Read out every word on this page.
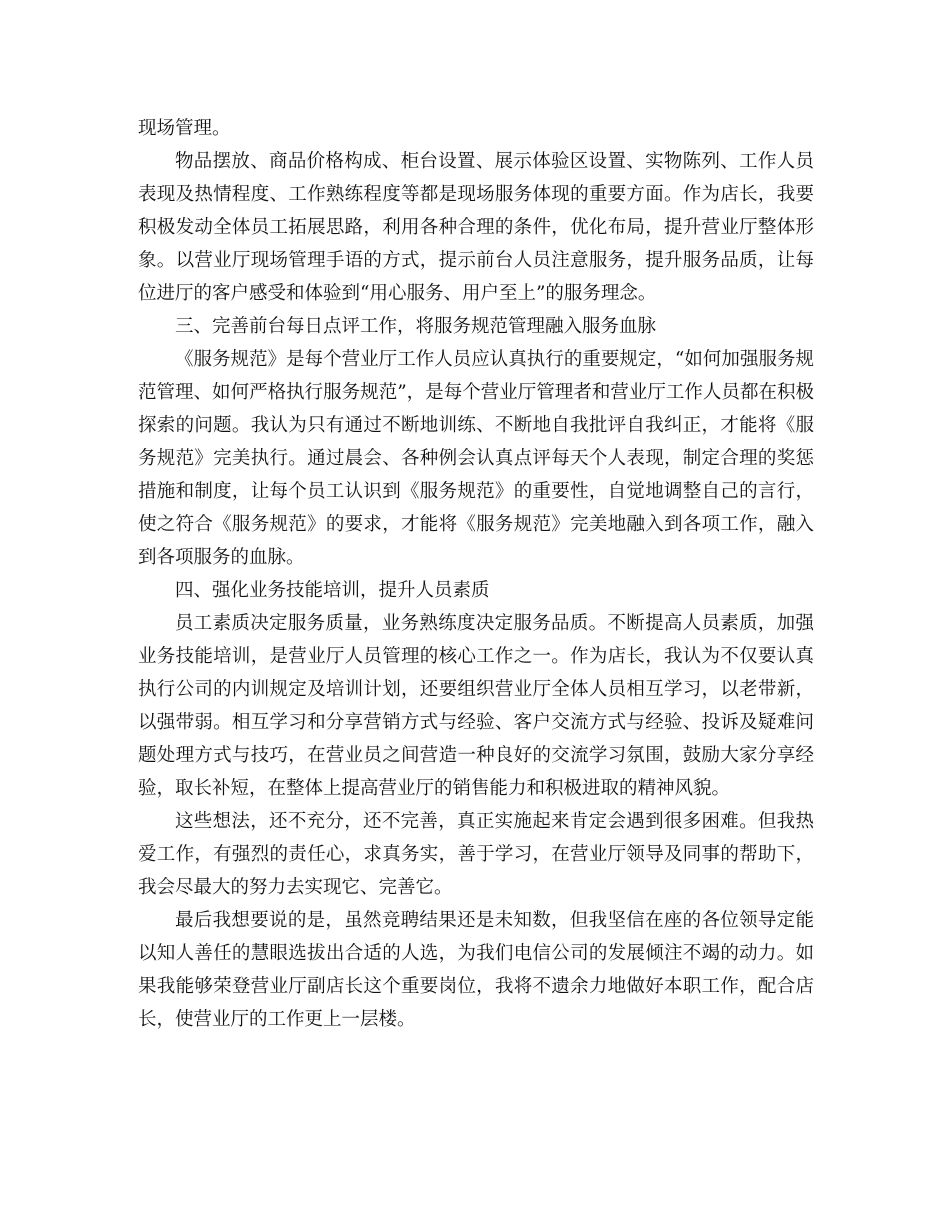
现场管理。

物品摆放、商品价格构成、柜台设置、展示体验区设置、实物陈列、工作人员表现及热情程度、工作熟练程度等都是现场服务体现的重要方面。作为店长，我要积极发动全体员工拓展思路，利用各种合理的条件，优化布局，提升营业厅整体形象。以营业厅现场管理手语的方式，提示前台人员注意服务，提升服务品质，让每位进厅的客户感受和体验到“用心服务、用户至上”的服务理念。

三、完善前台每日点评工作，将服务规范管理融入服务血脉

《服务规范》是每个营业厅工作人员应认真执行的重要规定，“如何加强服务规范管理、如何严格执行服务规范”，是每个营业厅管理者和营业厅工作人员都在积极探索的问题。我认为只有通过不断地训练、不断地自我批评自我纠正，才能将《服务规范》完美执行。通过晨会、各种例会认真点评每天个人表现，制定合理的奖惩措施和制度，让每个员工认识到《服务规范》的重要性，自觉地调整自己的言行，使之符合《服务规范》的要求，才能将《服务规范》完美地融入到各项工作，融入到各项服务的血脉。

四、强化业务技能培训，提升人员素质

员工素质决定服务质量，业务熟练度决定服务品质。不断提高人员素质，加强业务技能培训，是营业厅人员管理的核心工作之一。作为店长，我认为不仅要认真执行公司的内训规定及培训计划，还要组织营业厅全体人员相互学习，以老带新，以强带弱。相互学习和分享营销方式与经验、客户交流方式与经验、投诉及疑难问题处理方式与技巧，在营业员之间营造一种良好的交流学习氛围，鼓励大家分享经验，取长补短，在整体上提高营业厅的销售能力和积极进取的精神风貌。

这些想法，还不充分，还不完善，真正实施起来肯定会遇到很多困难。但我热爱工作，有强烈的责任心，求真务实，善于学习，在营业厅领导及同事的帮助下，我会尽最大的努力去实现它、完善它。

最后我想要说的是，虽然竞聘结果还是未知数，但我坚信在座的各位领导定能以知人善任的慧眼选拔出合适的人选，为我们电信公司的发展倾注不竭的动力。如果我能够荣登营业厅副店长这个重要岗位，我将不遗余力地做好本职工作，配合店长，使营业厅的工作更上一层楼。
